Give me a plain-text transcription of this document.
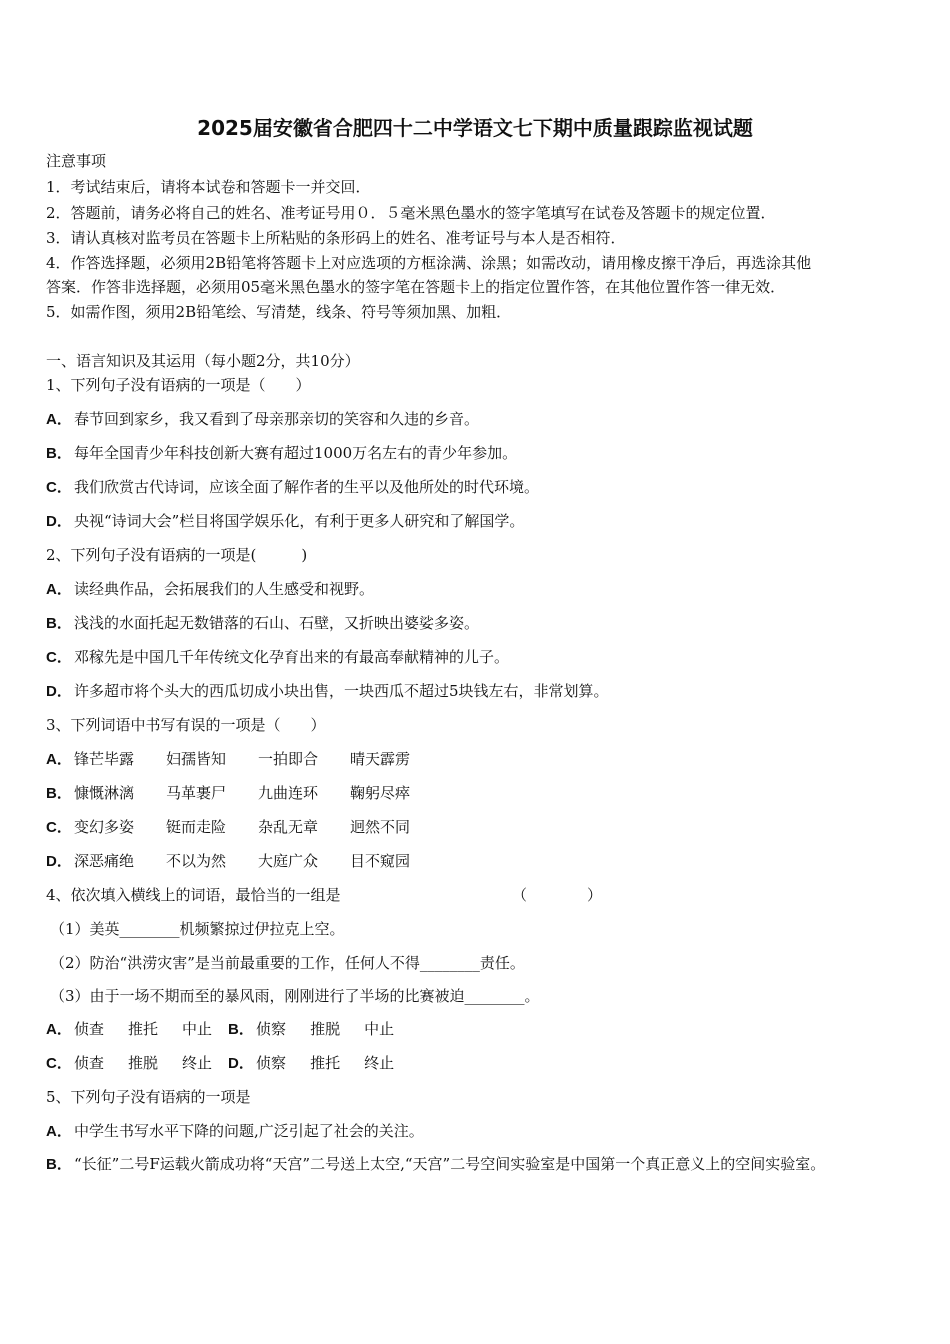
2025届安徽省合肥四十二中学语文七下期中质量跟踪监视试题
注意事项
1．考试结束后，请将本试卷和答题卡一并交回．
2．答题前，请务必将自己的姓名、准考证号用０．５毫米黑色墨水的签字笔填写在试卷及答题卡的规定位置．
3．请认真核对监考员在答题卡上所粘贴的条形码上的姓名、准考证号与本人是否相符．
4．作答选择题，必须用2B铅笔将答题卡上对应选项的方框涂满、涂黑；如需改动，请用橡皮擦干净后，再选涂其他
答案．作答非选择题，必须用05毫米黑色墨水的签字笔在答题卡上的指定位置作答，在其他位置作答一律无效．
5．如需作图，须用2B铅笔绘、写清楚，线条、符号等须加黑、加粗．
一、语言知识及其运用（每小题2分，共10分）
1、下列句子没有语病的一项是（　　）
A． 春节回到家乡，我又看到了母亲那亲切的笑容和久违的乡音。
B． 每年全国青少年科技创新大赛有超过1000万名左右的青少年参加。
C． 我们欣赏古代诗词，应该全面了解作者的生平以及他所处的时代环境。
D． 央视“诗词大会”栏目将国学娱乐化，有利于更多人研究和了解国学。
2、下列句子没有语病的一项是(　　　)
A． 读经典作品，会拓展我们的人生感受和视野。
B． 浅浅的水面托起无数错落的石山、石壁，又折映出婆娑多姿。
C． 邓稼先是中国几千年传统文化孕育出来的有最高奉献精神的儿子。
D． 许多超市将个头大的西瓜切成小块出售，一块西瓜不超过5块钱左右，非常划算。
3、下列词语中书写有误的一项是（　　）
A． 锋芒毕露 妇孺皆知 一拍即合 晴天霹雳
B． 慷慨淋漓 马革裹尸 九曲连环 鞠躬尽瘁
C． 变幻多姿 铤而走险 杂乱无章 迥然不同
D． 深恶痛绝 不以为然 大庭广众 目不窥园
4、依次填入横线上的词语，最恰当的一组是	（　　　　）
（1）美英________机频繁掠过伊拉克上空。
（2）防治“洪涝灾害”是当前最重要的工作，任何人不得________责任。
（3）由于一场不期而至的暴风雨，刚刚进行了半场的比赛被迫________。
A． 侦查 推托 中止 B． 侦察 推脱 中止
C． 侦查 推脱 终止 D． 侦察 推托 终止
5、下列句子没有语病的一项是
A． 中学生书写水平下降的问题,广泛引起了社会的关注。
B． “长征”二号F运载火箭成功将“天宫”二号送上太空,“天宫”二号空间实验室是中国第一个真正意义上的空间实验室。
